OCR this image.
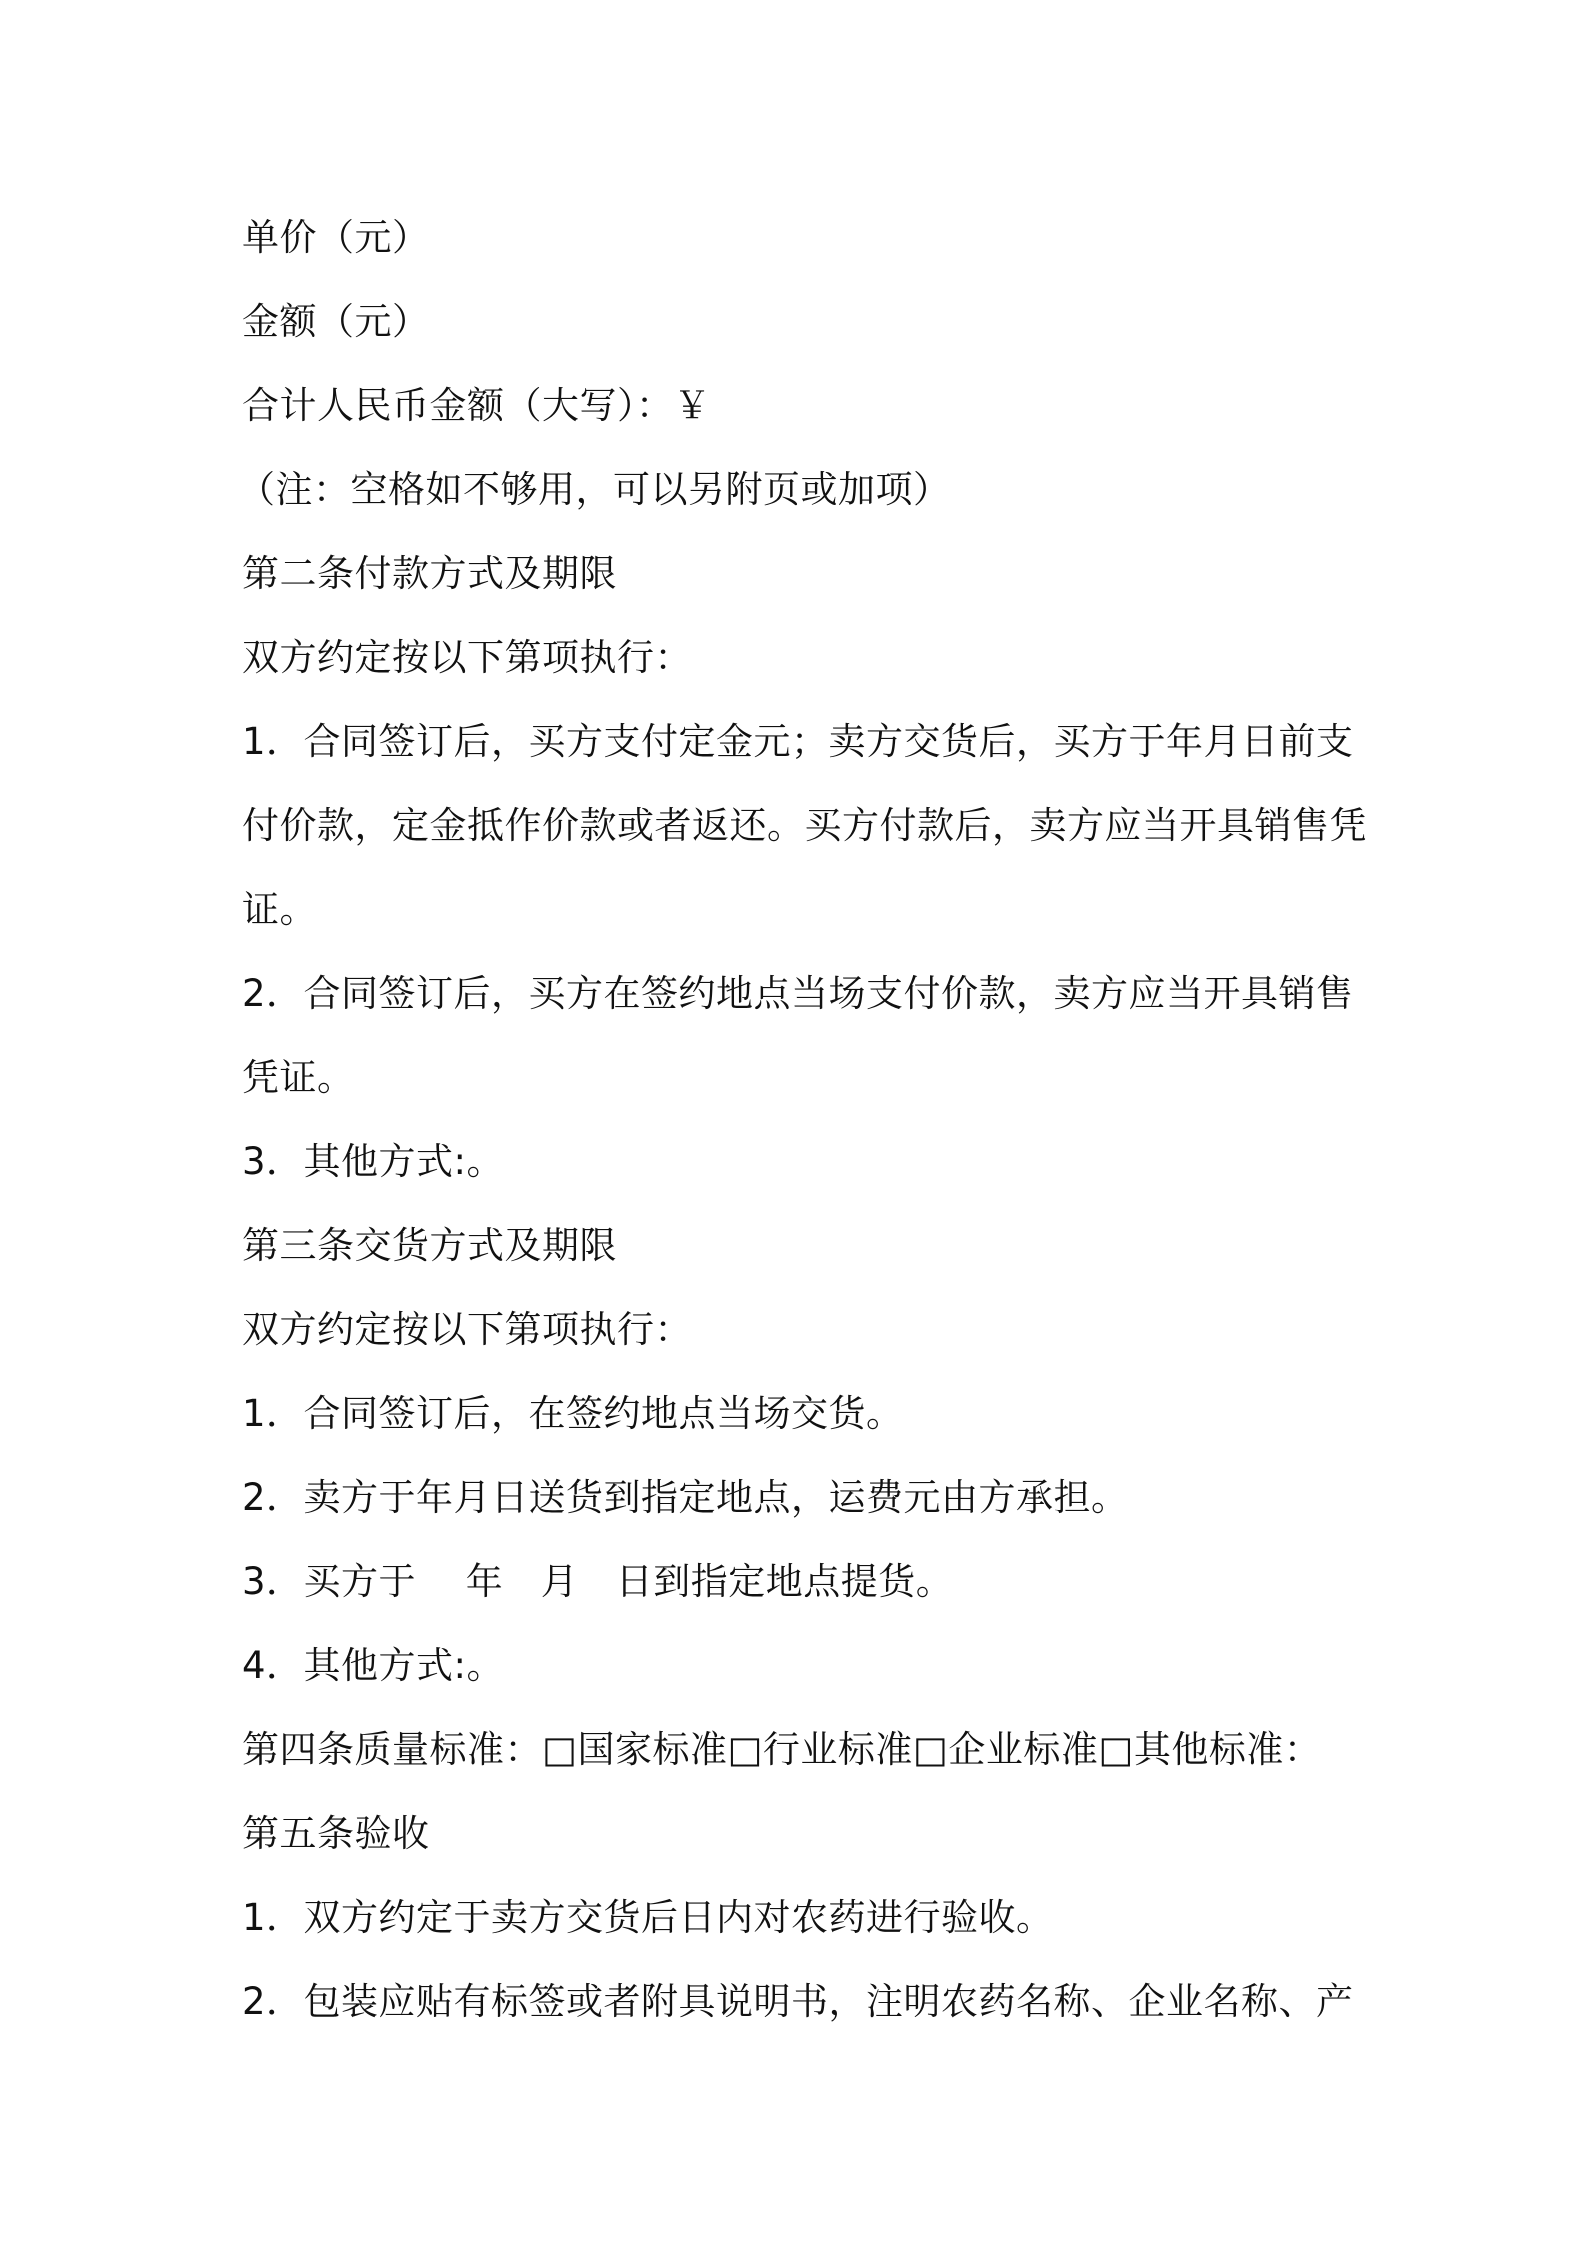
单价（元）
金额（元）
合计人民币金额（大写）：￥
（注：空格如不够用，可以另附页或加项）
第二条付款方式及期限
双方约定按以下第项执行：
1．合同签订后，买方支付定金元；卖方交货后，买方于年月日前支
付价款，定金抵作价款或者返还。买方付款后，卖方应当开具销售凭
证。
2．合同签订后，买方在签约地点当场支付价款，卖方应当开具销售
凭证。
3．其他方式:。
第三条交货方式及期限
双方约定按以下第项执行：
1．合同签订后，在签约地点当场交货。
2．卖方于年月日送货到指定地点，运费元由方承担。
3．买方于　 年　月　日到指定地点提货。
4．其他方式:。
第四条质量标准：□国家标准□行业标准□企业标准□其他标准：
第五条验收
1．双方约定于卖方交货后日内对农药进行验收。
2．包装应贴有标签或者附具说明书，注明农药名称、企业名称、产
